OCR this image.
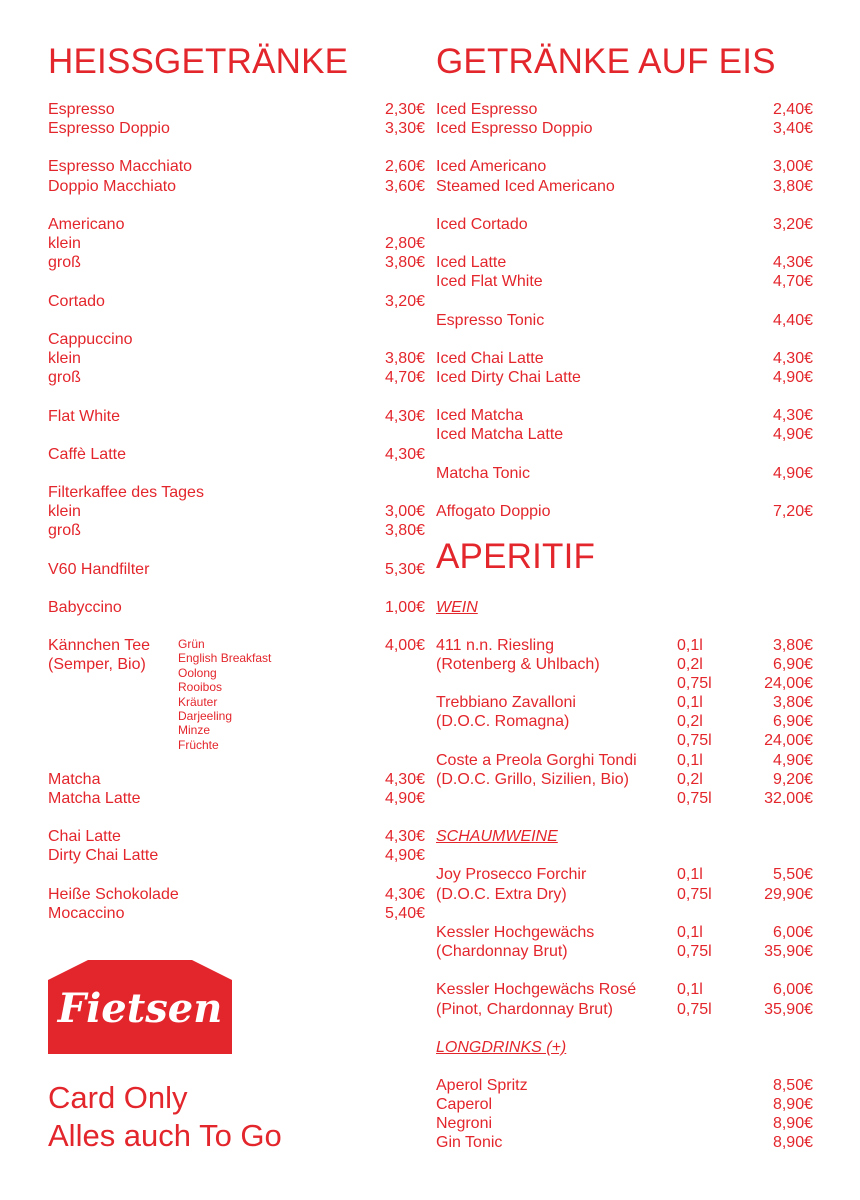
HEISSGETRÄNKE
Espresso	2,30€
Espresso Doppio	3,30€
Espresso Macchiato	2,60€
Doppio Macchiato	3,60€
Americano
klein	2,80€
groß	3,80€
Cortado	3,20€
Cappuccino
klein	3,80€
groß	4,70€
Flat White	4,30€
Caffè Latte	4,30€
Filterkaffee des Tages
klein	3,00€
groß	3,80€
V60 Handfilter	5,30€
Babyccino	1,00€
Kännchen Tee	4,00€
(Semper, Bio)
Matcha	4,30€
Matcha Latte	4,90€
Chai Latte	4,30€
Dirty Chai Latte	4,90€
Heiße Schokolade	4,30€
Mocaccino	5,40€
Grün
English Breakfast
Oolong
Rooibos
Kräuter
Darjeeling
Minze
Früchte
GETRÄNKE AUF EIS
Iced Espresso	2,40€
Iced Espresso Doppio	3,40€
Iced Americano	3,00€
Steamed Iced Americano	3,80€
Iced Cortado	3,20€
Iced Latte	4,30€
Iced Flat White	4,70€
Espresso Tonic	4,40€
Iced Chai Latte	4,30€
Iced Dirty Chai Latte	4,90€
Iced Matcha	4,30€
Iced Matcha Latte	4,90€
Matcha Tonic	4,90€
Affogato Doppio	7,20€
APERITIF
WEIN
411 n.n. Riesling	0,1l	3,80€
(Rotenberg & Uhlbach)	0,2l	6,90€
0,75l	24,00€
Trebbiano Zavalloni	0,1l	3,80€
(D.O.C. Romagna)	0,2l	6,90€
0,75l	24,00€
Coste a Preola Gorghi Tondi	0,1l	4,90€
(D.O.C. Grillo, Sizilien, Bio)	0,2l	9,20€
0,75l	32,00€
SCHAUMWEINE
Joy Prosecco Forchir	0,1l	5,50€
(D.O.C. Extra Dry)	0,75l	29,90€
Kessler Hochgewächs	0,1l	6,00€
(Chardonnay Brut)	0,75l	35,90€
Kessler Hochgewächs Rosé	0,1l	6,00€
(Pinot, Chardonnay Brut)	0,75l	35,90€
LONGDRINKS (+)
Aperol Spritz	8,50€
Caperol	8,90€
Negroni	8,90€
Gin Tonic	8,90€
Fietsen
Card Only
Alles auch To Go
